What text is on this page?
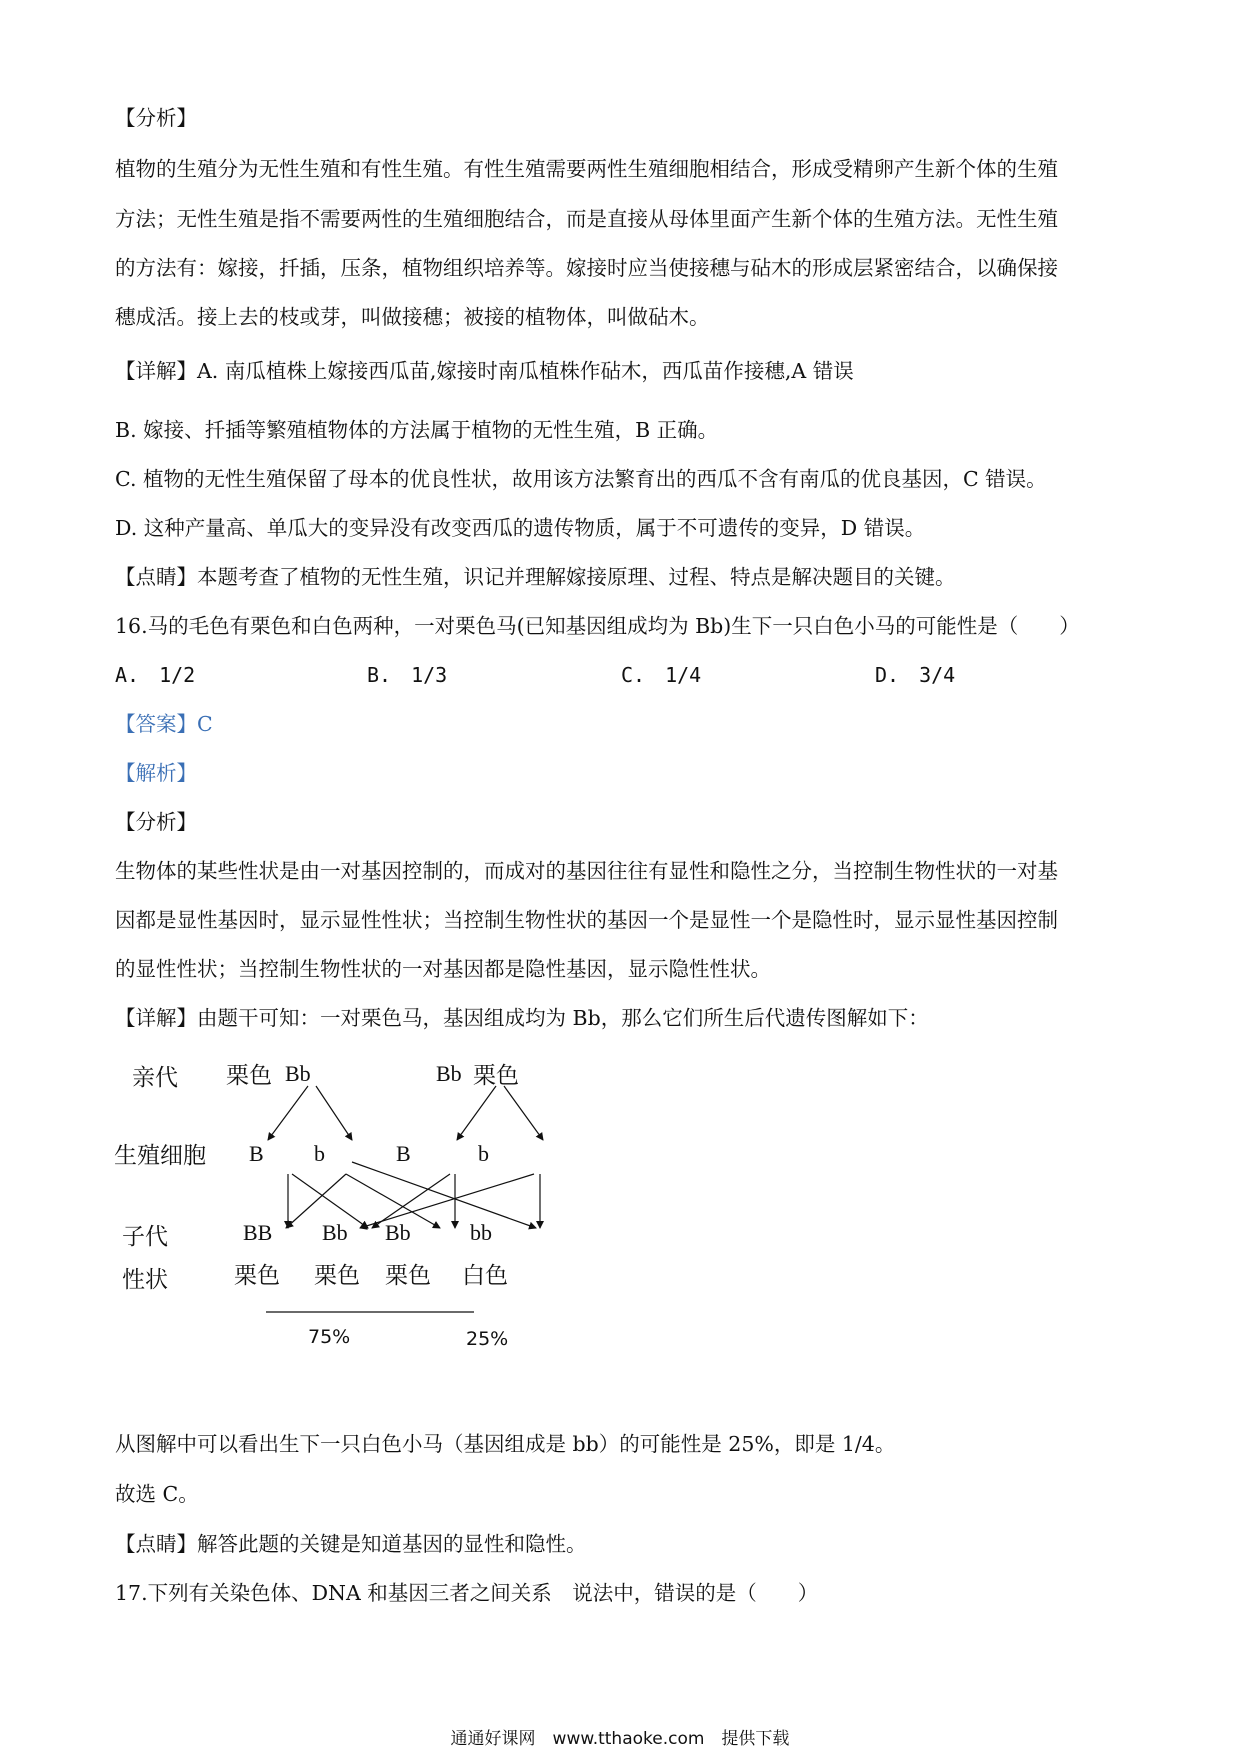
【分析】
植物的生殖分为无性生殖和有性生殖。有性生殖需要两性生殖细胞相结合，形成受精卵产生新个体的生殖
方法；无性生殖是指不需要两性的生殖细胞结合，而是直接从母体里面产生新个体的生殖方法。无性生殖
的方法有：嫁接，扦插，压条，植物组织培养等。嫁接时应当使接穗与砧木的形成层紧密结合，以确保接
穗成活。接上去的枝或芽，叫做接穗；被接的植物体，叫做砧木。
【详解】A. 南瓜植株上嫁接西瓜苗,嫁接时南瓜植株作砧木，西瓜苗作接穗,A 错误
B. 嫁接、扦插等繁殖植物体的方法属于植物的无性生殖，B 正确。
C. 植物的无性生殖保留了母本的优良性状，故用该方法繁育出的西瓜不含有南瓜的优良基因，C 错误。
D. 这种产量高、单瓜大的变异没有改变西瓜的遗传物质，属于不可遗传的变异，D 错误。
【点睛】本题考查了植物的无性生殖，识记并理解嫁接原理、过程、特点是解决题目的关键。
16.马的毛色有栗色和白色两种，一对栗色马(已知基因组成均为 Bb)生下一只白色小马的可能性是（　　）
A.　1/2	B.　1/3	C.　1/4	D.　3/4
【答案】C
【解析】
【分析】
生物体的某些性状是由一对基因控制的，而成对的基因往往有显性和隐性之分，当控制生物性状的一对基
因都是显性基因时，显示显性性状；当控制生物性状的基因一个是显性一个是隐性时，显示显性基因控制
的显性性状；当控制生物性状的一对基因都是隐性基因，显示隐性性状。
【详解】由题干可知：一对栗色马，基因组成均为 Bb，那么它们所生后代遗传图解如下：
亲代
生殖细胞
子代
性状
栗色 Bb	Bb 栗色
B b	B	b
BB Bb Bb	bb
栗色 栗色 栗色 白色
75%	25%
从图解中可以看出生下一只白色小马（基因组成是 bb）的可能性是 25%，即是 1/4。
故选 C。
【点睛】解答此题的关键是知道基因的显性和隐性。
17.下列有关染色体、DNA 和基因三者之间关系　说法中，错误的是（　　）
通通好课网　www.tthaoke.com　提供下载
